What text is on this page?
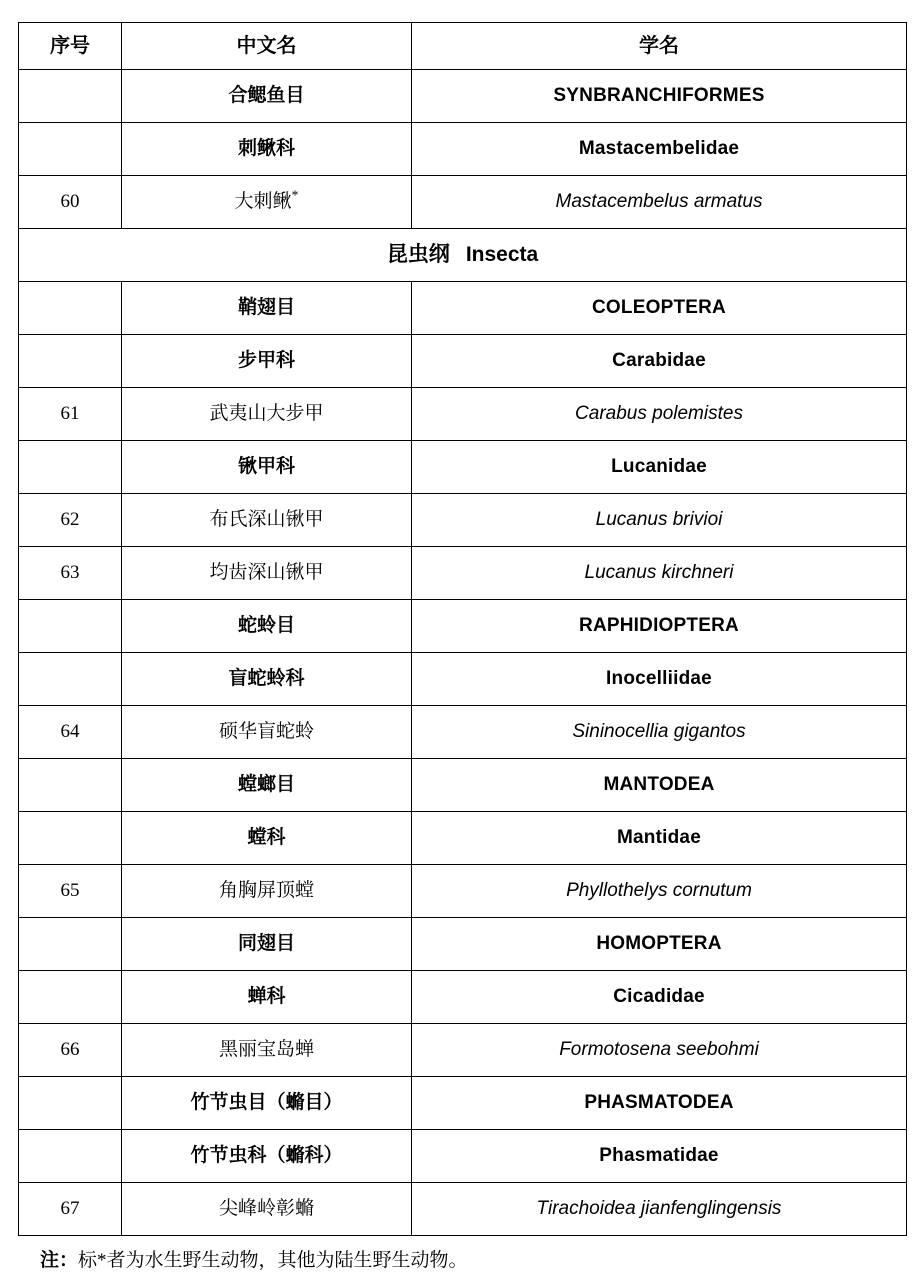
序号	中文名	学名
	合鳃鱼目	SYNBRANCHIFORMES
	刺鳅科	Mastacembelidae
60	大刺鳅*	Mastacembelus armatus
昆虫纲 Insecta		
	鞘翅目	COLEOPTERA
	步甲科	Carabidae
61	武夷山大步甲	Carabus polemistes
	锹甲科	Lucanidae
62	布氏深山锹甲	Lucanus brivioi
63	均齿深山锹甲	Lucanus kirchneri
	蛇蛉目	RAPHIDIOPTERA
	盲蛇蛉科	Inocelliidae
64	硕华盲蛇蛉	Sininocellia gigantos
	螳螂目	MANTODEA
	螳科	Mantidae
65	角胸屏顶螳	Phyllothelys cornutum
	同翅目	HOMOPTERA
	蝉科	Cicadidae
66	黑丽宝岛蝉	Formotosena seebohmi
	竹节虫目（䗛目）	PHASMATODEA
	竹节虫科（䗛科）	Phasmatidae
67	尖峰岭彰䗛	Tirachoidea jianfenglingensis
注：标*者为水生野生动物，其他为陆生野生动物。
